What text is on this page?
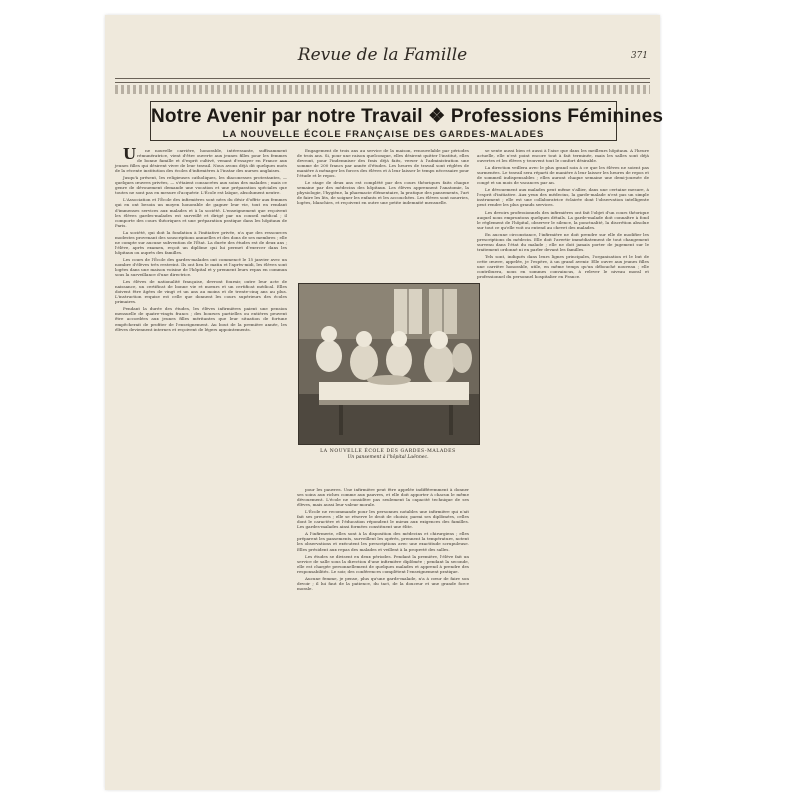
Revue de la Famille	371
Notre Avenir par notre Travail ❖ Professions Féminines
LA NOUVELLE ÉCOLE FRANÇAISE DES GARDES-MALADES

Une nouvelle carrière, honorable, intéressante, suffisamment rémunératrice, vient d'être ouverte aux jeunes filles pour les femmes de bonne famille et d'esprit cultivé, venant d'essayer en France aux jeunes filles qui désirent vivre de leur travail. Nous avons déjà dit quelques mots de la récente institution des écoles d'infirmières à l'instar des nurses anglaises.

Jusqu'à présent, les religieuses catholiques, les diaconesses protestantes, — quelques œuvres privées, — s'étaient consacrées aux soins des malades ; mais ce genre de dévouement demande une vocation et une préparation spéciales que toutes ne sont pas en mesure d'acquérir. L'École est laïque, absolument neutre.

L'Association et l'École des infirmières sont nées du désir d'offrir aux femmes qui en ont besoin un moyen honorable de gagner leur vie, tout en rendant d'immenses services aux malades et à la société. L'enseignement que reçoivent les élèves gardes-malades est surveillé et dirigé par un conseil médical ; il comporte des cours théoriques et une préparation pratique dans les hôpitaux de Paris.

La société, qui doit la fondation à l'initiative privée, n'a que des ressources modestes provenant des souscriptions annuelles et des dons de ses membres ; elle ne compte sur aucune subvention de l'État. La durée des études est de deux ans ; l'élève, après examen, reçoit un diplôme qui lui permet d'exercer dans les hôpitaux ou auprès des familles.

Les cours de l'École des gardes-malades ont commencé le 15 janvier avec un nombre d'élèves très restreint. Ils ont lieu le matin et l'après-midi, les élèves sont logées dans une maison voisine de l'hôpital et y prennent leurs repas en commun sous la surveillance d'une directrice.

Les élèves de nationalité française, devront fournir, outre leur acte de naissance, un certificat de bonne vie et mœurs et un certificat médical. Elles doivent être âgées de vingt et un ans au moins et de trente-cinq ans au plus. L'instruction requise est celle que donnent les cours supérieurs des écoles primaires.

Pendant la durée des études, les élèves infirmières paient une pension mensuelle de quatre-vingts francs ; des bourses partielles ou entières peuvent être accordées aux jeunes filles méritantes que leur situation de fortune empêcherait de profiter de l'enseignement. Au bout de la première année, les élèves deviennent internes et reçoivent de légers appointements.

Engagement de trois ans au service de la maison, renouvelable par périodes de trois ans. Si, pour une raison quelconque, elles désirent quitter l'institut, elles devront, pour l'indemniser des frais déjà faits, verser à l'administration une somme de 200 francs par année d'études. Les heures de travail sont réglées de manière à ménager les forces des élèves et à leur laisser le temps nécessaire pour l'étude et le repos.

Le stage de deux ans est complété par des cours théoriques faits chaque semaine par des médecins des hôpitaux. Les élèves apprennent l'anatomie, la physiologie, l'hygiène, la pharmacie élémentaire, la pratique des pansements, l'art de faire les lits, de soigner les enfants et les accouchées. Les élèves sont nourries, logées, blanchies, et reçoivent en outre une petite indemnité mensuelle.

LA NOUVELLE ÉCOLE DES GARDES-MALADES
Un pansement à l'hôpital Laënnec.

pour les pauvres. Une infirmière peut être appelée indifféremment à donner ses soins aux riches comme aux pauvres, et elle doit apporter à chacun le même dévouement. L'école ne considère pas seulement la capacité technique de ses élèves, mais aussi leur valeur morale.

L'École ne recommande pour les personnes notables une infirmière qui n'ait fait ses preuves ; elle se réserve le droit de choisir, parmi ses diplômées, celles dont le caractère et l'éducation répondent le mieux aux exigences des familles. Les gardes-malades ainsi formées constituent une élite.

A l'infirmerie, elles sont à la disposition des médecins et chirurgiens ; elles préparent les pansements, surveillent les opérés, prennent la température, notent les observations et exécutent les prescriptions avec une exactitude scrupuleuse. Elles président aux repas des malades et veillent à la propreté des salles.

Les études se divisent en deux périodes. Pendant la première, l'élève fait un service de salle sous la direction d'une infirmière diplômée ; pendant la seconde, elle est chargée personnellement de quelques malades et apprend à prendre des responsabilités. Le soir, des conférences complètent l'enseignement pratique.

Aucune femme, je pense, plus qu'une garde-malade, n'a à cœur de faire son devoir ; il lui faut de la patience, du tact, de la douceur et une grande force morale.

se sente aussi bien et aussi à l'aise que dans les meilleurs hôpitaux. A l'heure actuelle, elle n'est point encore tout à fait terminée, mais les salles sont déjà ouvertes et les élèves y trouvent tout le confort désirable.

La direction veillera avec le plus grand soin à ce que les élèves ne soient pas surmenées. Le travail sera réparti de manière à leur laisser les heures de repos et de sommeil indispensables ; elles auront chaque semaine une demi-journée de congé et un mois de vacances par an.

Le dévouement aux malades peut même s'allier, dans une certaine mesure, à l'esprit d'initiative. Aux yeux des médecins, la garde-malade n'est pas un simple instrument ; elle est une collaboratrice éclairée dont l'observation intelligente peut rendre les plus grands services.

Les devoirs professionnels des infirmières ont fait l'objet d'un cours théorique auquel nous empruntons quelques détails. La garde-malade doit connaître à fond le règlement de l'hôpital, observer le silence, la ponctualité, la discrétion absolue sur tout ce qu'elle voit ou entend au chevet des malades.

En aucune circonstance, l'infirmière ne doit prendre sur elle de modifier les prescriptions du médecin. Elle doit l'avertir immédiatement de tout changement survenu dans l'état du malade ; elle ne doit jamais porter de jugement sur le traitement ordonné ni en parler devant les familles.

Tels sont, indiqués dans leurs lignes principales, l'organisation et le but de cette œuvre, appelée, je l'espère, à un grand avenir. Elle ouvre aux jeunes filles une carrière honorable, utile, en même temps qu'un débouché nouveau ; elle contribuera, nous en sommes convaincus, à relever le niveau moral et professionnel du personnel hospitalier en France.
